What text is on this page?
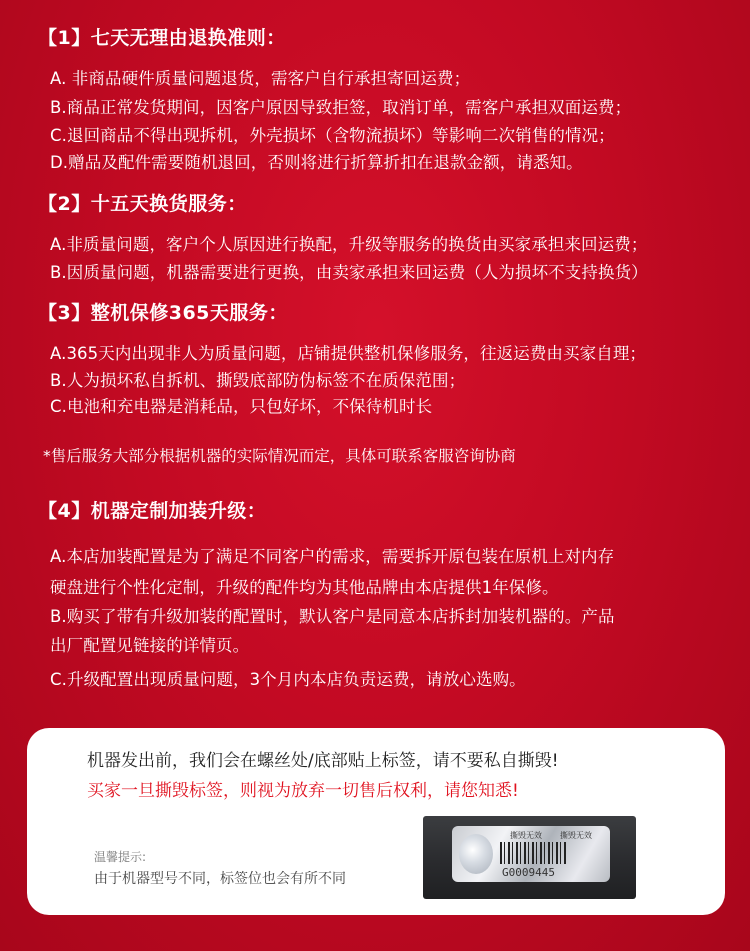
【1】七天无理由退换准则：
A. 非商品硬件质量问题退货，需客户自行承担寄回运费；
B.商品正常发货期间，因客户原因导致拒签，取消订单，需客户承担双面运费；
C.退回商品不得出现拆机，外壳损坏（含物流损坏）等影响二次销售的情况；
D.赠品及配件需要随机退回，否则将进行折算折扣在退款金额，请悉知。
【2】十五天换货服务：
A.非质量问题，客户个人原因进行换配，升级等服务的换货由买家承担来回运费；
B.因质量问题，机器需要进行更换，由卖家承担来回运费（人为损坏不支持换货）
【3】整机保修365天服务：
A.365天内出现非人为质量问题，店铺提供整机保修服务，往返运费由买家自理；
B.人为损坏私自拆机、撕毁底部防伪标签不在质保范围；
C.电池和充电器是消耗品，只包好坏，不保待机时长
*售后服务大部分根据机器的实际情况而定，具体可联系客服咨询协商
【4】机器定制加装升级：
A.本店加装配置是为了满足不同客户的需求，需要拆开原包装在原机上对内存
硬盘进行个性化定制，升级的配件均为其他品牌由本店提供1年保修。
B.购买了带有升级加装的配置时，默认客户是同意本店拆封加装机器的。产品
出厂配置见链接的详情页。
C.升级配置出现质量问题，3个月内本店负责运费，请放心选购。
机器发出前，我们会在螺丝处/底部贴上标签，请不要私自撕毁!
买家一旦撕毁标签，则视为放弃一切售后权利，请您知悉!
温馨提示:
由于机器型号不同，标签位也会有所不同
撕毁无效 撕毁无效
G0009445
